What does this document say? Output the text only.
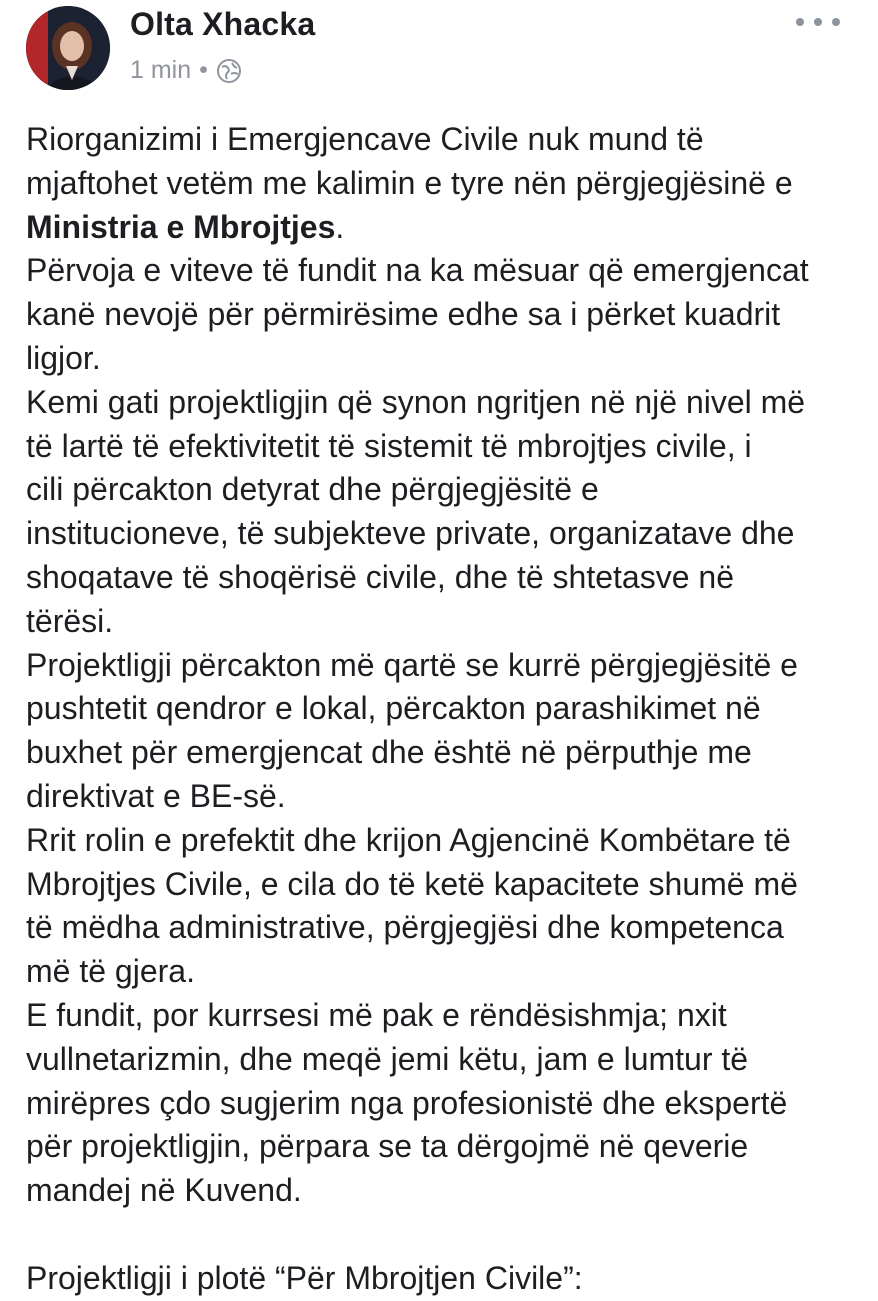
Olta Xhacka
1 min •

Riorganizimi i Emergjencave Civile nuk mund të

mjaftohet vetëm me kalimin e tyre nën përgjegjësinë e

Ministria e Mbrojtjes.

Përvoja e viteve të fundit na ka mësuar që emergjencat

kanë nevojë për përmirësime edhe sa i përket kuadrit

ligjor.

Kemi gati projektligjin që synon ngritjen në një nivel më

të lartë të efektivitetit të sistemit të mbrojtjes civile, i

cili përcakton detyrat dhe përgjegjësitë e

institucioneve, të subjekteve private, organizatave dhe

shoqatave të shoqërisë civile, dhe të shtetasve në

tërësi.

Projektligji përcakton më qartë se kurrë përgjegjësitë e

pushtetit qendror e lokal, përcakton parashikimet në

buxhet për emergjencat dhe është në përputhje me

direktivat e BE-së.

Rrit rolin e prefektit dhe krijon Agjencinë Kombëtare të

Mbrojtjes Civile, e cila do të ketë kapacitete shumë më

të mëdha administrative, përgjegjësi dhe kompetenca

më të gjera.

E fundit, por kurrsesi më pak e rëndësishmja; nxit

vullnetarizmin, dhe meqë jemi këtu, jam e lumtur të

mirëpres çdo sugjerim nga profesionistë dhe ekspertë

për projektligjin, përpara se ta dërgojmë në qeverie

mandej në Kuvend.

Projektligji i plotë “Për Mbrojtjen Civile”:
